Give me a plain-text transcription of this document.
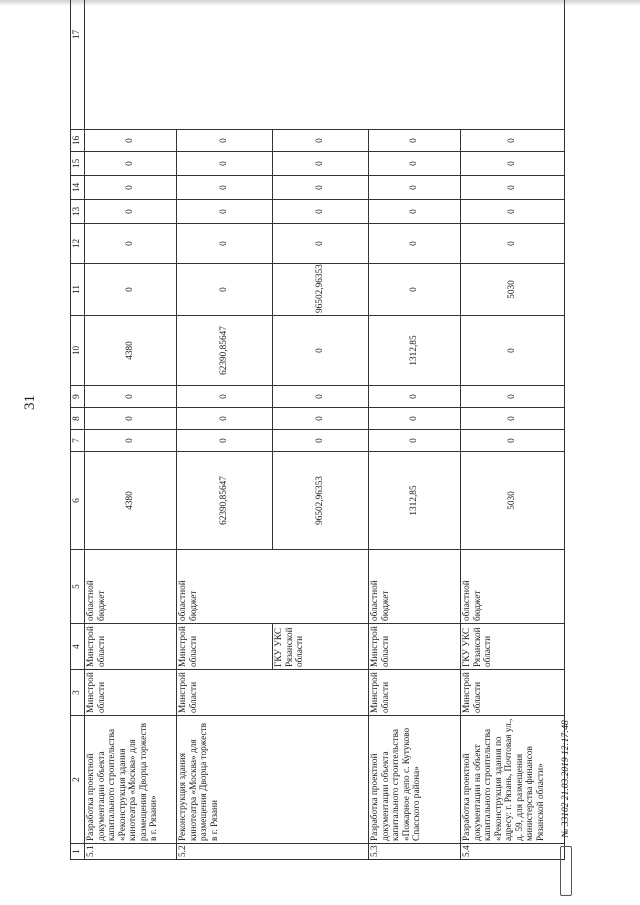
31
1	2	3	4	5	6	7	8	9	10	11	12	13	14	15	16	17
5.1	Разработка проектной документации объекта капитального строительства «Реконструкция здания кинотеатра «Москва» для размещения Дворца торжеств в г. Рязани»	Минстрой области	Минстрой области	областной бюджет	4380	0	0	0	4380	0	0	0	0	0	0	
5.2	Реконструкция здания кинотеатра «Москва» для размещения Дворца торжеств в г. Рязани	Минстрой области	Минстрой области	областной бюджет	62390,85647	0	0	0	62390,85647	0	0	0	0	0	0	
			ГКУ УКС Рязанской области		96502,96353	0	0	0	0	96502,96353	0	0	0	0	0	
5.3	Разработка проектной документации объекта капитального строительства «Пожарное депо с. Кутуково Спасского района»	Минстрой области	Минстрой области	областной бюджет	1312,85	0	0	0	1312,85	0	0	0	0	0	0	
5.4	Разработка проектной документации на объект капитального строительства «Реконструкция здания по адресу: г. Рязань, Почтовая ул., д. 59, для размещения министерства финансов Рязанской области»	Минстрой области	ГКУ УКС Рязанской области	областной бюджет	5030	0	0	0	0	5030	0	0	0	0	0	
№ 33102 21.03.2019 12:17:48
